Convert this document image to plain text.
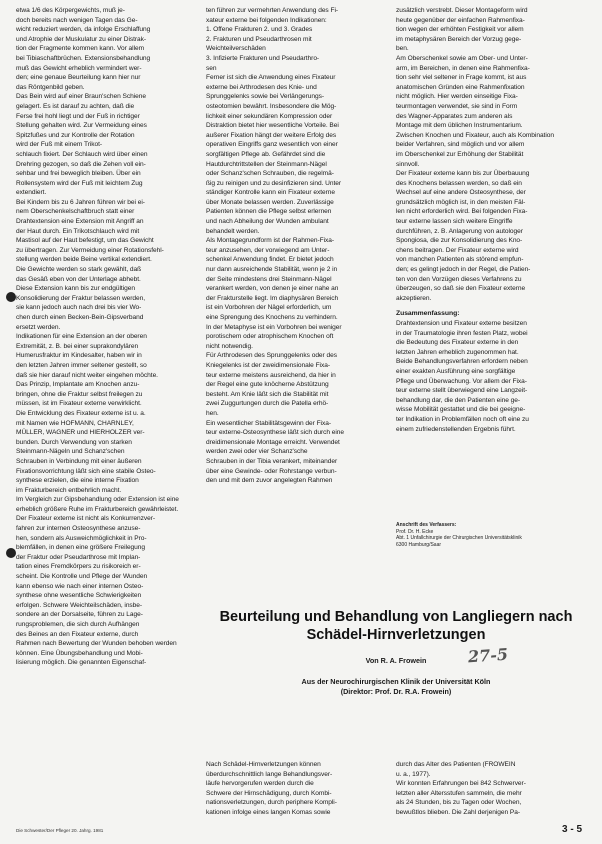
etwa 1/6 des Körpergewichts, muß je-
doch bereits nach wenigen Tagen das Ge-
wicht reduziert werden, da infolge Erschlaffung
und Atrophie der Muskulatur zu einer Distrak-
tion der Fragmente kommen kann. Vor allem
bei Tibiaschaftbrüchen. Extensionsbehandlung
muß das Gewicht erheblich vermindert wer-
den; eine genaue Beurteilung kann hier nur
das Röntgenbild geben.
Das Bein wird auf einer Braun'schen Schiene
gelagert. Es ist darauf zu achten, daß die
Ferse frei hohl liegt und der Fuß in richtiger
Stellung gehalten wird. Zur Vermeidung eines
Spitzfußes und zur Kontrolle der Rotation
wird der Fuß mit einem Trikot-
schlauch fixiert. Der Schlauch wird über einen
Drehring gezogen, so daß die Zehen voll ein-
sehbar und frei beweglich bleiben. Über ein
Rollensystem wird der Fuß mit leichtem Zug
extendiert.
Bei Kindern bis zu 6 Jahren führen wir bei ei-
nem Oberschenkelschaftbruch statt einer
Drahtextension eine Extension mit Angriff an
der Haut durch. Ein Trikotschlauch wird mit
Mastisol auf der Haut befestigt, um das Gewicht
zu übertragen. Zur Vermeidung einer Rotationsfehl-
stellung werden beide Beine vertikal extendiert.
Die Gewichte werden so stark gewählt, daß
das Gesäß eben von der Unterlage abhebt.
Diese Extension kann bis zur endgültigen
Konsolidierung der Fraktur belassen werden,
sie kann jedoch auch nach drei bis vier Wo-
chen durch einen Becken-Bein-Gipsverband
ersetzt werden.
Indikationen für eine Extension an der oberen
Extremität, z. B. bei einer suprakondylären
Humerusfraktur im Kindesalter, haben wir in
den letzten Jahren immer seltener gestellt, so
daß sie hier darauf nicht weiter eingehen möchte.
Das Prinzip, Implantate am Knochen anzu-
bringen, ohne die Fraktur selbst freilegen zu
müssen, ist im Fixateur externe verwirklicht.
Die Entwicklung des Fixateur externe ist u. a.
mit Namen wie HOFMANN, CHARNLEY,
MÜLLER, WAGNER und HIERHOLZER ver-
bunden. Durch Verwendung von starken
Steinmann-Nägeln und Schanz'schen
Schrauben in Verbindung mit einer äußeren
Fixationsvorrichtung läßt sich eine stabile Osteo-
synthese erzielen, die eine interne Fixation
im Frakturbereich entbehrlich macht.
Im Vergleich zur Gipsbehandlung oder Extension ist eine
erheblich größere Ruhe im Frakturbereich gewährleistet.
Der Fixateur externe ist nicht als Konkurrenzver-
fahren zur internen Osteosynthese anzuse-
hen, sondern als Ausweichmöglichkeit in Pro-
blemfällen, in denen eine größere Freilegung
der Fraktur oder Pseudarthrose mit Implan-
tation eines Fremdkörpers zu risikoreich er-
scheint. Die Kontrolle und Pflege der Wunden
kann ebenso wie nach einer internen Osteo-
synthese ohne wesentliche Schwierigkeiten
erfolgen. Schwere Weichteilschäden, insbe-
sondere an der Dorsalseite, führen zu Lage-
rungsproblemen, die sich durch Aufhängen
des Beines an den Fixateur externe, durch
Rahmen nach Bewertung der Wunden behoben werden
können. Eine Übungsbehandlung und Mobi-
lisierung möglich. Die genannten Eigenschaf-

ten führen zur vermehrten Anwendung des Fi-
xateur externe bei folgenden Indikationen:
1. Offene Frakturen 2. und 3. Grades
2. Frakturen und Pseudarthrosen mit
Weichteilverschäden
3. Infizierte Frakturen und Pseudarthro-
sen
Ferner ist sich die Anwendung eines Fixateur
externe bei Arthrodesen des Knie- und
Sprunggelenks sowie bei Verlängerungs-
osteotomien bewährt. Insbesondere die Mög-
lichkeit einer sekundären Kompression oder
Distraktion bietet hier wesentliche Vorteile. Bei
außerer Fixation hängt der weitere Erfolg des
operativen Eingriffs ganz wesentlich von einer
sorgfältigen Pflege ab. Gefährdet sind die
Hautdurchtrittstellen der Steinmann-Nägel
oder Schanz'schen Schrauben, die regelmä-
ßig zu reinigen und zu desinfizieren sind. Unter
ständiger Kontrolle kann ein Fixateur externe
über Monate belassen werden. Zuverlässige
Patienten können die Pflege selbst erlernen
und nach Abheilung der Wunden ambulant
behandelt werden.
Als Montagegrundform ist der Rahmen-Fixa-
teur anzusehen, der vorwiegend am Unter-
schenkel Anwendung findet. Er bietet jedoch
nur dann ausreichende Stabilität, wenn je 2 in
der Seite mindestens drei Steinmann-Nägel
verankert werden, von denen je einer nahe an
der Frakturstelle liegt. Im diaphysären Bereich
ist ein Vorbohren der Nägel erforderlich, um
eine Sprengung des Knochens zu verhindern.
In der Metaphyse ist ein Vorbohren bei weniger
porotischem oder atrophischem Knochen oft
nicht notwendig.
Für Arthrodesen des Sprunggelenks oder des
Kniegelenks ist der zweidimensionale Fixa-
teur externe meistens ausreichend, da hier in
der Regel eine gute knöcherne Abstützung
besteht. Am Knie läßt sich die Stabilität mit
zwei Zuggurtungen durch die Patella erhö-
hen.
Ein wesentlicher Stabilitätsgewinn der Fixa-
teur externe-Osteosynthese läßt sich durch eine
dreidimensionale Montage erreicht. Verwendet
werden zwei oder vier Schanz'sche
Schrauben in der Tibia verankert, miteinander
über eine Gewinde- oder Rohrstange verbun-
den und mit dem zuvor angelegten Rahmen

zusätzlich verstrebt. Dieser Montageform wird
heute gegenüber der einfachen Rahmenfixa-
tion wegen der erhöhten Festigkeit vor allem
im metaphysären Bereich der Vorzug gege-
ben.
Am Oberschenkel sowie am Ober- und Unter-
arm, im Bereichen, in denen eine Rahmenfixa-
tion sehr viel seltener in Frage kommt, ist aus
anatomischen Gründen eine Rahmenfixation
nicht möglich. Hier werden einseitige Fixa-
teurmontagen verwendet, sie sind in Form
des Wagner-Apparates zum anderen als
Montage mit dem üblichen Instrumentarium.
Zwischen Knochen und Fixateur, auch als Kombination
beider Verfahren, sind möglich und vor allem
im Oberschenkel zur Erhöhung der Stabilität
sinnvoll.
Der Fixateur externe kann bis zur Überbauung
des Knochens belassen werden, so daß ein
Wechsel auf eine andere Osteosynthese, der
grundsätzlich möglich ist, in den meisten Fäl-
len nicht erforderlich wird. Bei folgenden Fixa-
teur externe lassen sich weitere Eingriffe
durchführen, z. B. Anlagerung von autologer
Spongiosa, die zur Konsolidierung des Kno-
chens beitragen. Der Fixateur externe wird
von manchen Patienten als störend empfun-
den; es gelingt jedoch in der Regel, die Patien-
ten von den Vorzügen dieses Verfahrens zu
überzeugen, so daß sie den Fixateur externe
akzeptieren.

Zusammenfassung:

Drahtextension und Fixateur externe besitzen
in der Traumatologie ihren festen Platz, wobei
die Bedeutung des Fixateur externe in den
letzten Jahren erheblich zugenommen hat.
Beide Behandlungsverfahren erfordern neben
einer exakten Ausführung eine sorgfältige
Pflege und Überwachung. Vor allem der Fixa-
teur externe stellt überwiegend eine Langzeit-
behandlung dar, die den Patienten eine ge-
wisse Mobilität gestattet und die bei geeigne-
ter Indikation in Problemfällen noch oft eine zu
einem zufriedenstellenden Ergebnis führt.

Anschrift des Verfassers:
Prof. Dr. H. Ecke
Abt. 1 Unfallchirurgie der Chirurgischen Universitätsklinik
6300 Hamburg/Saar
Beurteilung und Behandlung von Langliegern nach Schädel-Hirnverletzungen
Von R. A. Frowein	27-5
Aus der Neurochirurgischen Klinik der Universität Köln
(Direktor: Prof. Dr. R.A. Frowein)

Nach Schädel-Hirnverletzungen können
überdurchschnittlich lange Behandlungsver-
läufe hervorgerufen werden durch die
Schwere der Hirnschädigung, durch Kombi-
nationsverletzungen, durch periphere Kompli-
kationen infolge eines langen Komas sowie

durch das Alter des Patienten (FROWEIN
u. a., 1977).
Wir konnten Erfahrungen bei 842 Schwerver-
letzten aller Altersstufen sammeln, die mehr
als 24 Stunden, bis zu Tagen oder Wochen,
bewußtlos blieben. Die Zahl derjenigen Pa-

Die Schwester/Der Pfleger 20. Jahrg. 1981	3 - 5
